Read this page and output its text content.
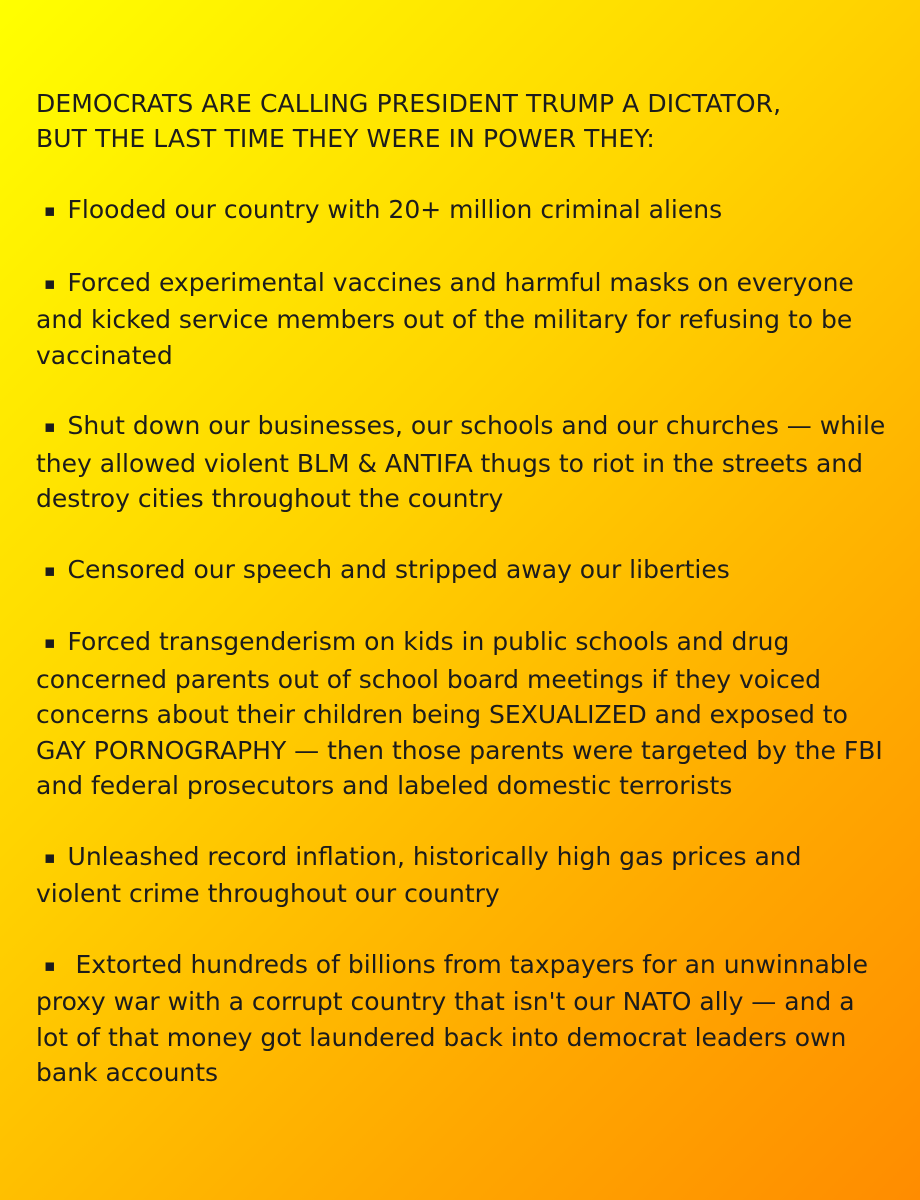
DEMOCRATS ARE CALLING PRESIDENT TRUMP A DICTATOR,
BUT THE LAST TIME THEY WERE IN POWER THEY:
▪ Flooded our country with 20+ million criminal aliens
▪ Forced experimental vaccines and harmful masks on everyone and kicked service members out of the military for refusing to be vaccinated
▪ Shut down our businesses, our schools and our churches — while they allowed violent BLM & ANTIFA thugs to riot in the streets and destroy cities throughout the country
▪ Censored our speech and stripped away our liberties
▪ Forced transgenderism on kids in public schools and drug concerned parents out of school board meetings if they voiced concerns about their children being SEXUALIZED and exposed to GAY PORNOGRAPHY — then those parents were targeted by the FBI and federal prosecutors and labeled domestic terrorists
▪ Unleashed record inflation, historically high gas prices and violent crime throughout our country
▪ Extorted hundreds of billions from taxpayers for an unwinnable proxy war with a corrupt country that isn't our NATO ally — and a lot of that money got laundered back into democrat leaders own bank accounts
